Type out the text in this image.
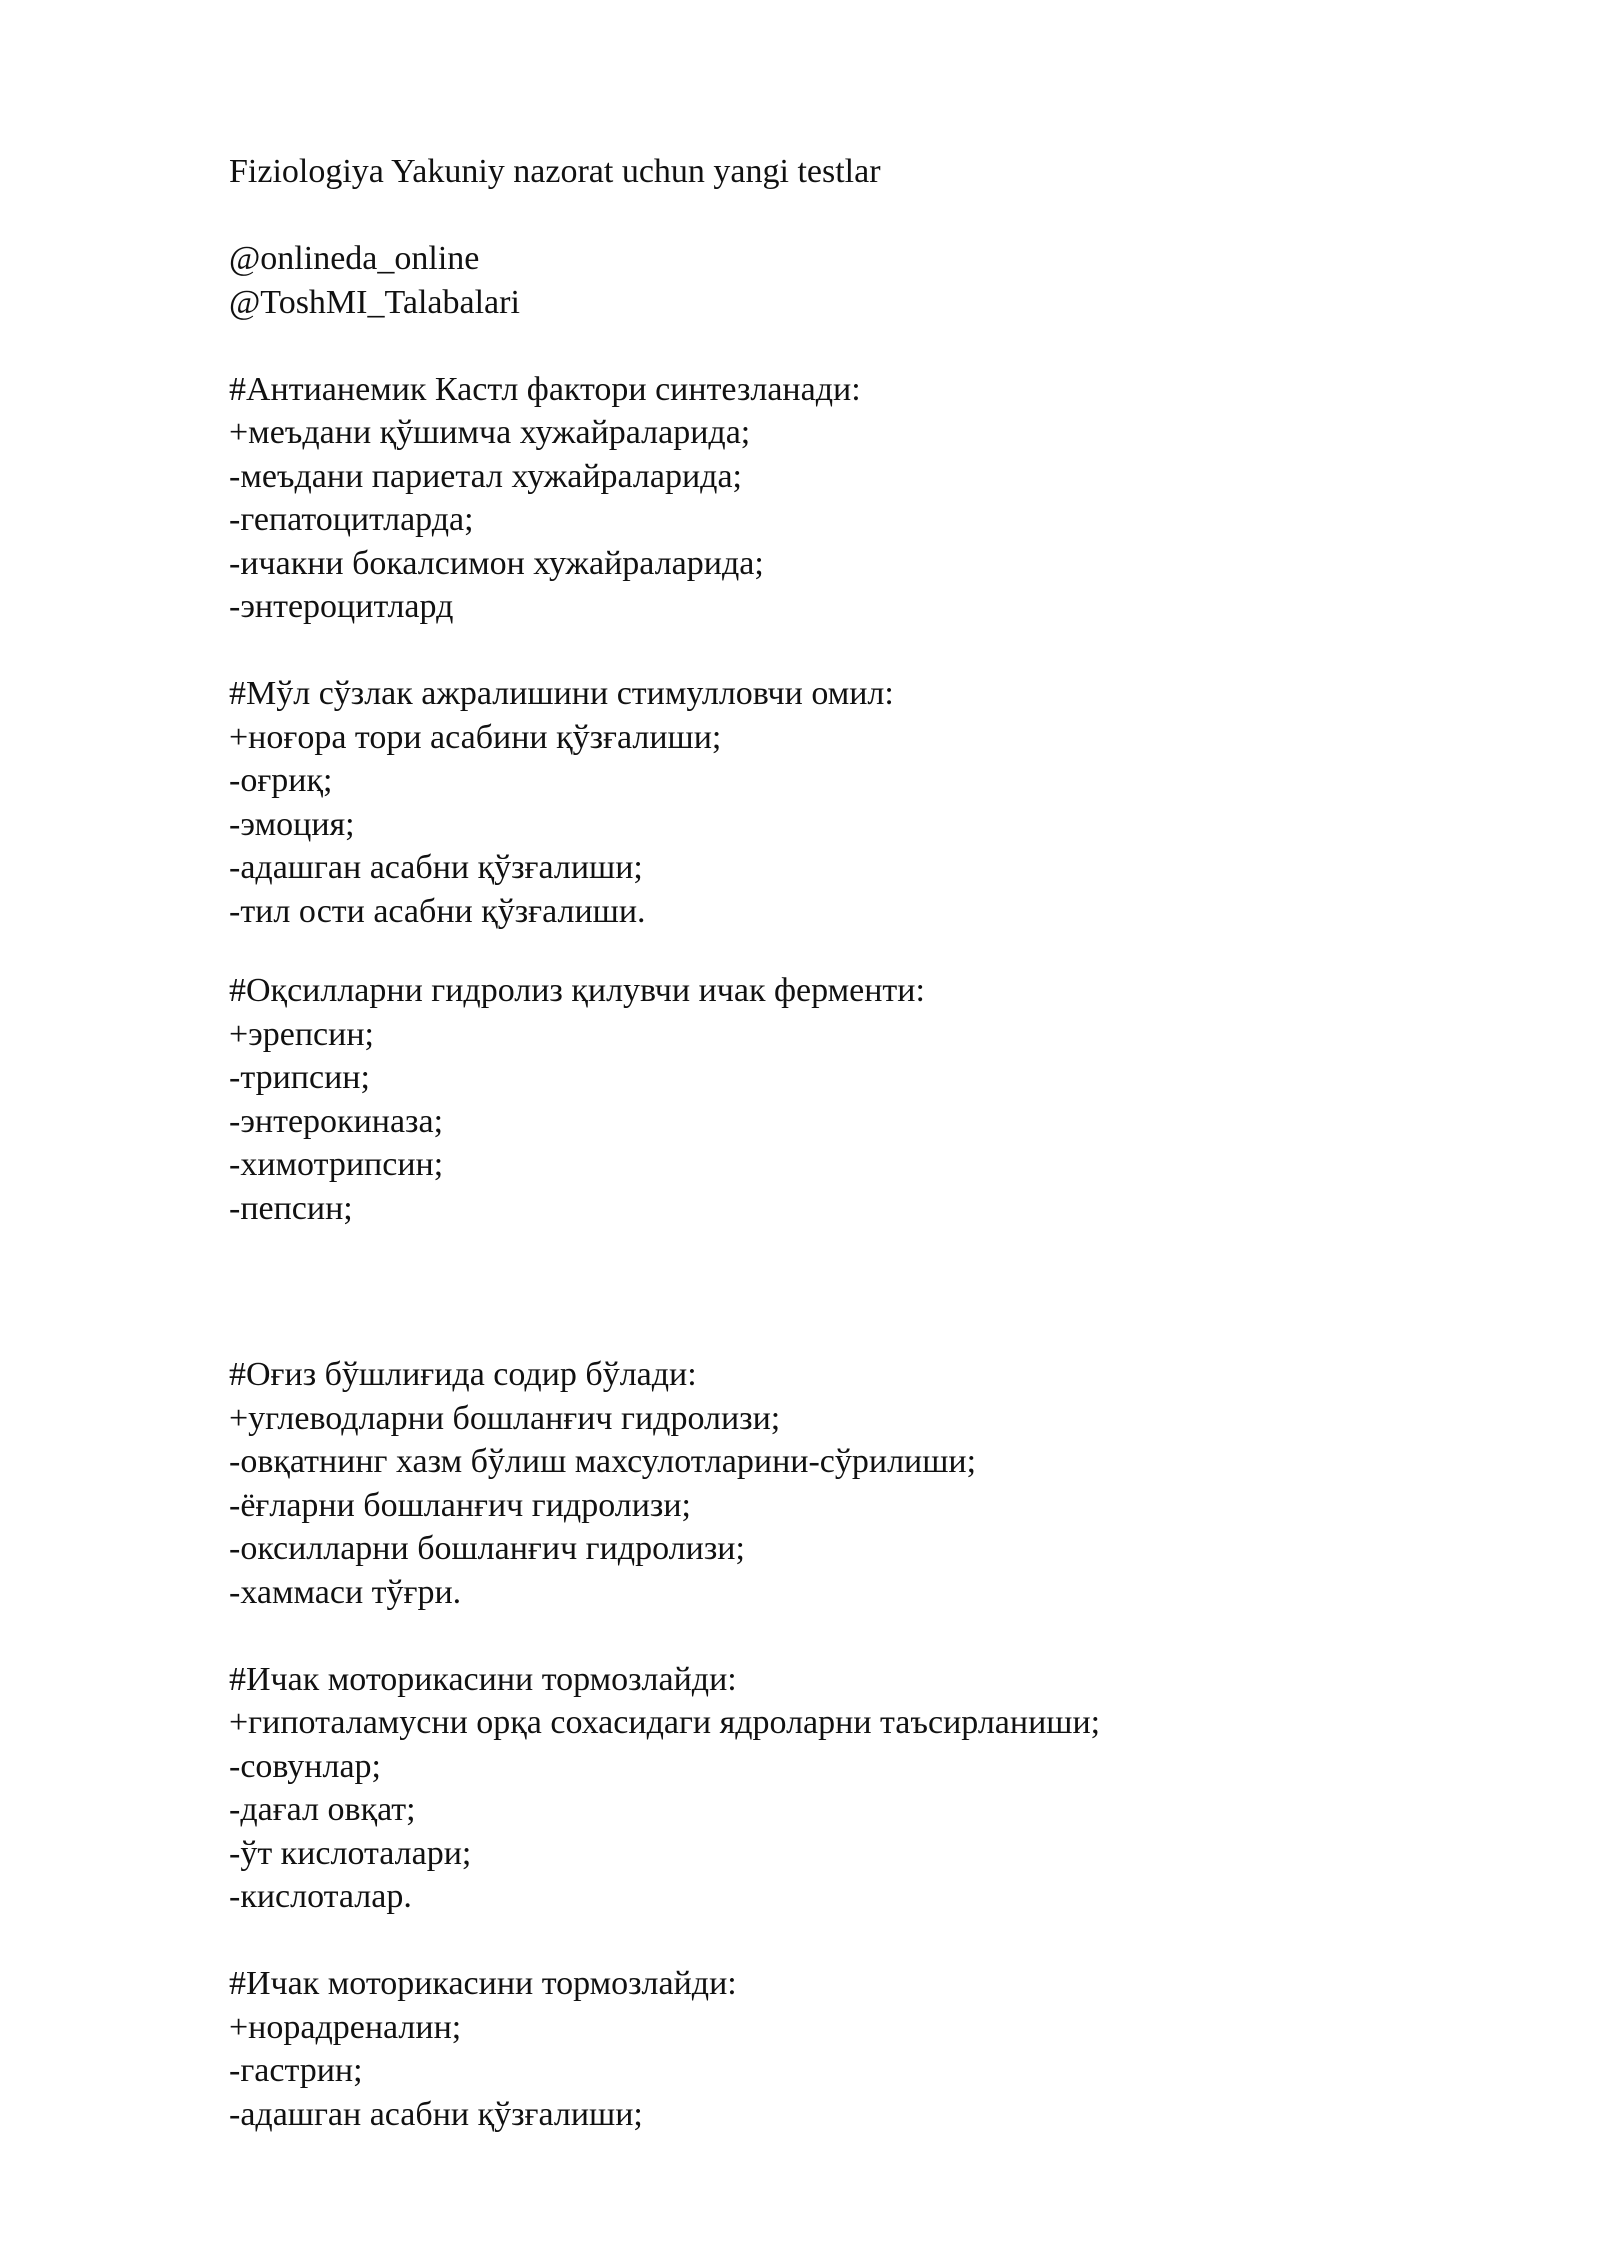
Fiziologiya Yakuniy nazorat uchun yangi testlar

@onlineda_online

@ToshMI_Talabalari

#Антианемик Кастл фактори синтезланади:

+меъдани қўшимча хужайраларида;

-меъдани париетал хужайраларида;

-гепатоцитларда;

-ичакни бокалсимон хужайраларида;

-энтероцитлард

#Мўл сўзлак ажралишини стимулловчи омил:

+ноғора тори асабини қўзғалиши;

-оғриқ;

-эмоция;

-адашган асабни қўзғалиши;

-тил ости асабни қўзғалиши.

#Оқсилларни гидролиз қилувчи ичак ферменти:

+эрепсин;

-трипсин;

-энтерокиназа;

-химотрипсин;

-пепсин;

#Оғиз бўшлиғида содир бўлади:

+углеводларни бошланғич гидролизи;

-овқатнинг хазм бўлиш махсулотларини-сўрилиши;

-ёғларни бошланғич гидролизи;

-оксилларни бошланғич гидролизи;

-хаммаси тўғри.

#Ичак моторикасини тормозлайди:

+гипоталамусни орқа сохасидаги ядроларни таъсирланиши;

-совунлар;

-дағал овқат;

-ўт кислоталари;

-кислоталар.

#Ичак моторикасини тормозлайди:

+норадреналин;

-гастрин;

-адашган асабни қўзғалиши;
